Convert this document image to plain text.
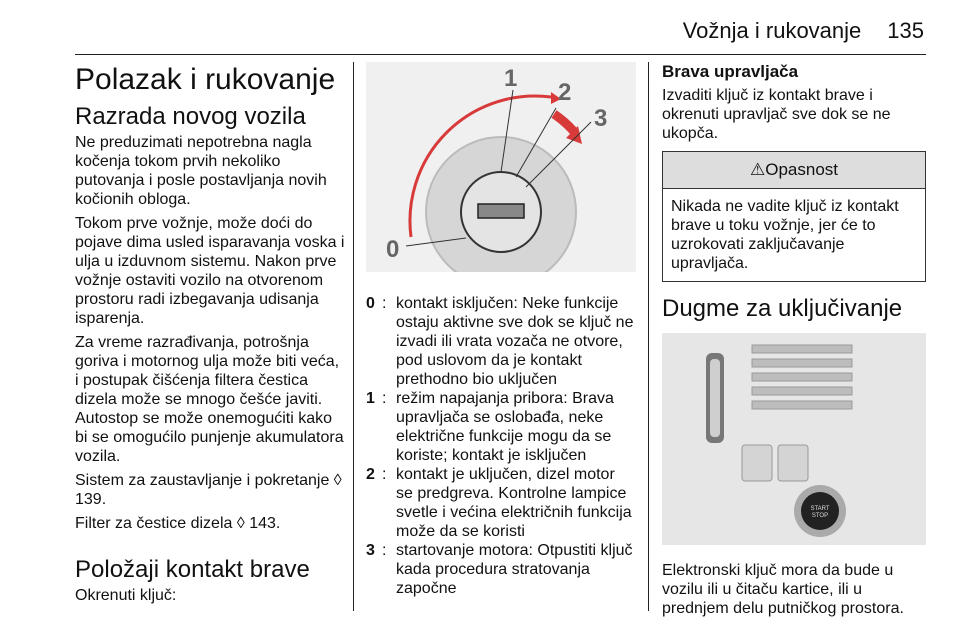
Vožnja i rukovanje 135
Polazak i rukovanje
Razrada novog vozila

Ne preduzimati nepotrebna nagla kočenja tokom prvih nekoliko putovanja i posle postavljanja novih kočionih obloga.

Tokom prve vožnje, može doći do pojave dima usled isparavanja voska i ulja u izduvnom sistemu. Nakon prve vožnje ostaviti vozilo na otvorenom prostoru radi izbegavanja udisanja isparenja.

Za vreme razrađivanja, potrošnja goriva i motornog ulja može biti veća, i postupak čišćenja filtera čestica dizela može se mnogo češće javiti. Autostop se može onemogućiti kako bi se omogućilo punjenje akumulatora vozila.

Sistem za zaustavljanje i pokretanje ◊ 139.

Filter za čestice dizela ◊ 143.

Položaji kontakt brave

Okrenuti ključ:

0
1
2
3
0 : kontakt isključen: Neke funkcije ostaju aktivne sve dok se ključ ne izvadi ili vrata vozača ne otvore, pod uslovom da je kontakt prethodno bio uključen
1 : režim napajanja pribora: Brava upravljača se oslobađa, neke električne funkcije mogu da se koriste; kontakt je isključen
2 : kontakt je uključen, dizel motor se predgreva. Kontrolne lampice svetle i većina električnih funkcija može da se koristi
3 : startovanje motora: Otpustiti ključ kada procedura stratovanja započne
Brava upravljača

Izvaditi ključ iz kontakt brave i okrenuti upravljač sve dok se ne ukopča.

⚠Opasnost
Nikada ne vadite ključ iz kontakt brave u toku vožnje, jer će to uzrokovati zaključavanje upravljača.
Dugme za uključivanje
START
STOP

Elektronski ključ mora da bude u vozilu ili u čitaču kartice, ili u prednjem delu putničkog prostora.
